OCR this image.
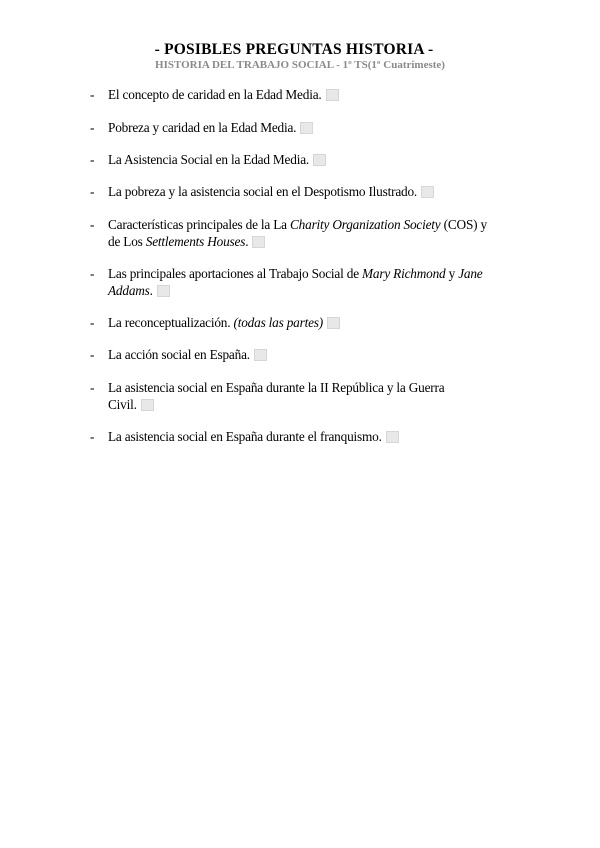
- POSIBLES PREGUNTAS HISTORIA -
HISTORIA DEL TRABAJO SOCIAL - 1º TS(1º Cuatrimeste)
- El concepto de caridad en la Edad Media.
- Pobreza y caridad en la Edad Media.
- La Asistencia Social en la Edad Media.
- La pobreza y la asistencia social en el Despotismo Ilustrado.
- Características principales de la La Charity Organization Society (COS) y
de Los Settlements Houses.
- Las principales aportaciones al Trabajo Social de Mary Richmond y Jane
Addams.
- La reconceptualización. (todas las partes)
- La acción social en España.
- La asistencia social en España durante la II República y la Guerra
Civil.
- La asistencia social en España durante el franquismo.
